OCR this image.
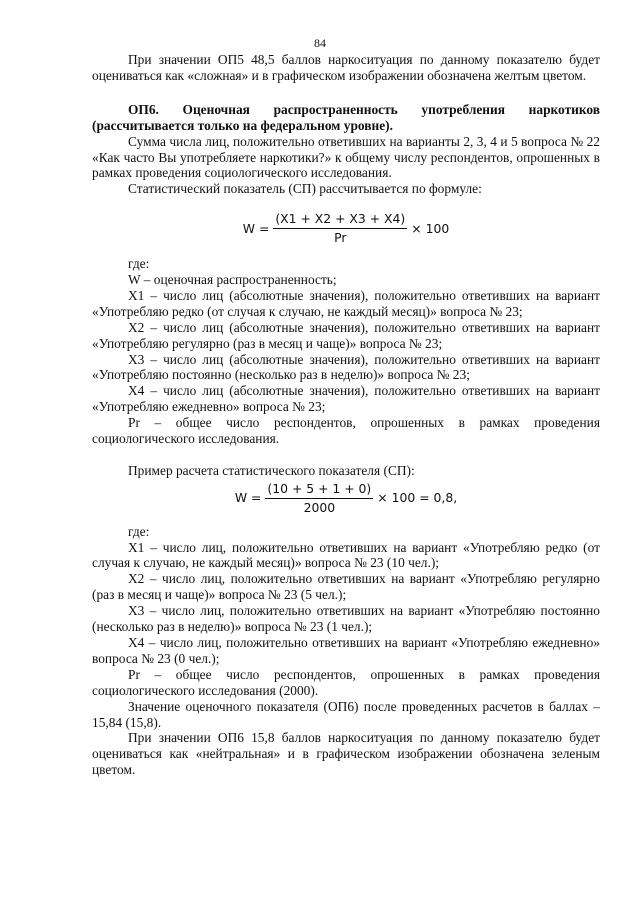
84

При значении ОП5 48,5 баллов наркоситуация по данному показателю будет оцениваться как «сложная» и в графическом изображении обозначена желтым цветом.

ОП6. Оценочная распространенность употребления наркотиков

(рассчитывается только на федеральном уровне).

Сумма числа лиц, положительно ответивших на варианты 2, 3, 4 и 5 вопроса № 22 «Как часто Вы употребляете наркотики?» к общему числу респондентов, опрошенных в рамках проведения социологического исследования.

Статистический показатель (СП) рассчитывается по формуле:

$W = \frac{(X1 + X2 + X3 + X4)}{Pr} \times 100$

где:

W – оценочная распространенность;

X1 – число лиц (абсолютные значения), положительно ответивших на вариант «Употребляю редко (от случая к случаю, не каждый месяц)» вопроса № 23;

X2 – число лиц (абсолютные значения), положительно ответивших на вариант «Употребляю регулярно (раз в месяц и чаще)» вопроса № 23;

X3 – число лиц (абсолютные значения), положительно ответивших на вариант «Употребляю постоянно (несколько раз в неделю)» вопроса № 23;

X4 – число лиц (абсолютные значения), положительно ответивших на вариант «Употребляю ежедневно» вопроса № 23;

Pr – общее число респондентов, опрошенных в рамках проведения социологического исследования.

Пример расчета статистического показателя (СП):

$W = \frac{(10 + 5 + 1 + 0)}{2000} \times 100 = 0,8$,

где:

X1 – число лиц, положительно ответивших на вариант «Употребляю редко (от случая к случаю, не каждый месяц)» вопроса № 23 (10 чел.);

X2 – число лиц, положительно ответивших на вариант «Употребляю регулярно (раз в месяц и чаще)» вопроса № 23 (5 чел.);

X3 – число лиц, положительно ответивших на вариант «Употребляю постоянно (несколько раз в неделю)» вопроса № 23 (1 чел.);

X4 – число лиц, положительно ответивших на вариант «Употребляю ежедневно» вопроса № 23 (0 чел.);

Pr – общее число респондентов, опрошенных в рамках проведения социологического исследования (2000).

Значение оценочного показателя (ОП6) после проведенных расчетов в баллах – 15,84 (15,8).

При значении ОП6 15,8 баллов наркоситуация по данному показателю будет оцениваться как «нейтральная» и в графическом изображении обозначена зеленым цветом.
